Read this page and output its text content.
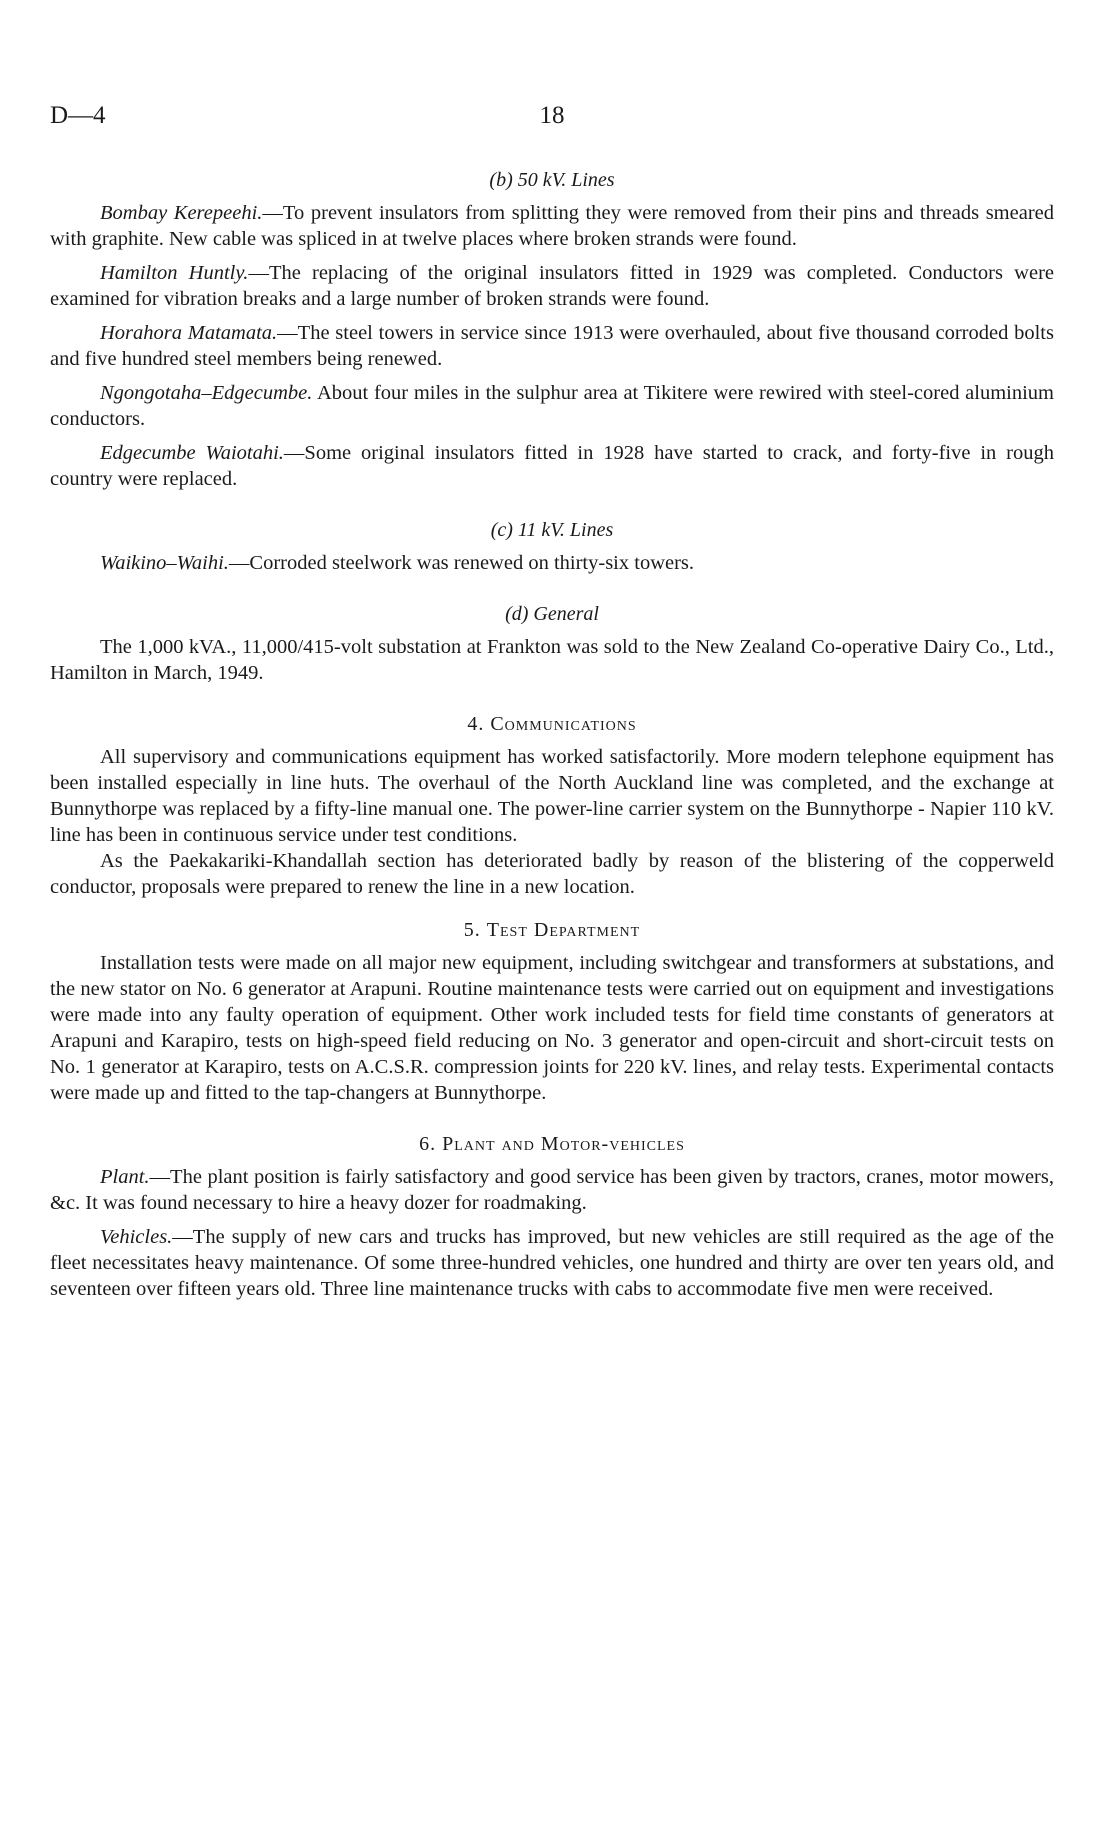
D—4	18
(b) 50 kV. Lines

Bombay Kerepeehi.—To prevent insulators from splitting they were removed from their pins and threads smeared with graphite. New cable was spliced in at twelve places where broken strands were found.

Hamilton Huntly.—The replacing of the original insulators fitted in 1929 was completed. Conductors were examined for vibration breaks and a large number of broken strands were found.

Horahora Matamata.—The steel towers in service since 1913 were overhauled, about five thousand corroded bolts and five hundred steel members being renewed.

Ngongotaha–Edgecumbe. About four miles in the sulphur area at Tikitere were rewired with steel-cored aluminium conductors.

Edgecumbe Waiotahi.—Some original insulators fitted in 1928 have started to crack, and forty-five in rough country were replaced.

(c) 11 kV. Lines

Waikino–Waihi.—Corroded steelwork was renewed on thirty-six towers.

(d) General

The 1,000 kVA., 11,000/415-volt substation at Frankton was sold to the New Zealand Co-operative Dairy Co., Ltd., Hamilton in March, 1949.

4. Communications

All supervisory and communications equipment has worked satisfactorily. More modern telephone equipment has been installed especially in line huts. The overhaul of the North Auckland line was completed, and the exchange at Bunnythorpe was replaced by a fifty-line manual one. The power-line carrier system on the Bunnythorpe - Napier 110 kV. line has been in continuous service under test conditions.

As the Paekakariki-Khandallah section has deteriorated badly by reason of the blistering of the copperweld conductor, proposals were prepared to renew the line in a new location.

5. Test Department

Installation tests were made on all major new equipment, including switchgear and transformers at substations, and the new stator on No. 6 generator at Arapuni. Routine maintenance tests were carried out on equipment and investigations were made into any faulty operation of equipment. Other work included tests for field time constants of generators at Arapuni and Karapiro, tests on high-speed field reducing on No. 3 generator and open-circuit and short-circuit tests on No. 1 generator at Karapiro, tests on A.C.S.R. compression joints for 220 kV. lines, and relay tests. Experimental contacts were made up and fitted to the tap-changers at Bunnythorpe.

6. Plant and Motor-vehicles

Plant.—The plant position is fairly satisfactory and good service has been given by tractors, cranes, motor mowers, &c. It was found necessary to hire a heavy dozer for roadmaking.

Vehicles.—The supply of new cars and trucks has improved, but new vehicles are still required as the age of the fleet necessitates heavy maintenance. Of some three-hundred vehicles, one hundred and thirty are over ten years old, and seventeen over fifteen years old. Three line maintenance trucks with cabs to accommodate five men were received.
